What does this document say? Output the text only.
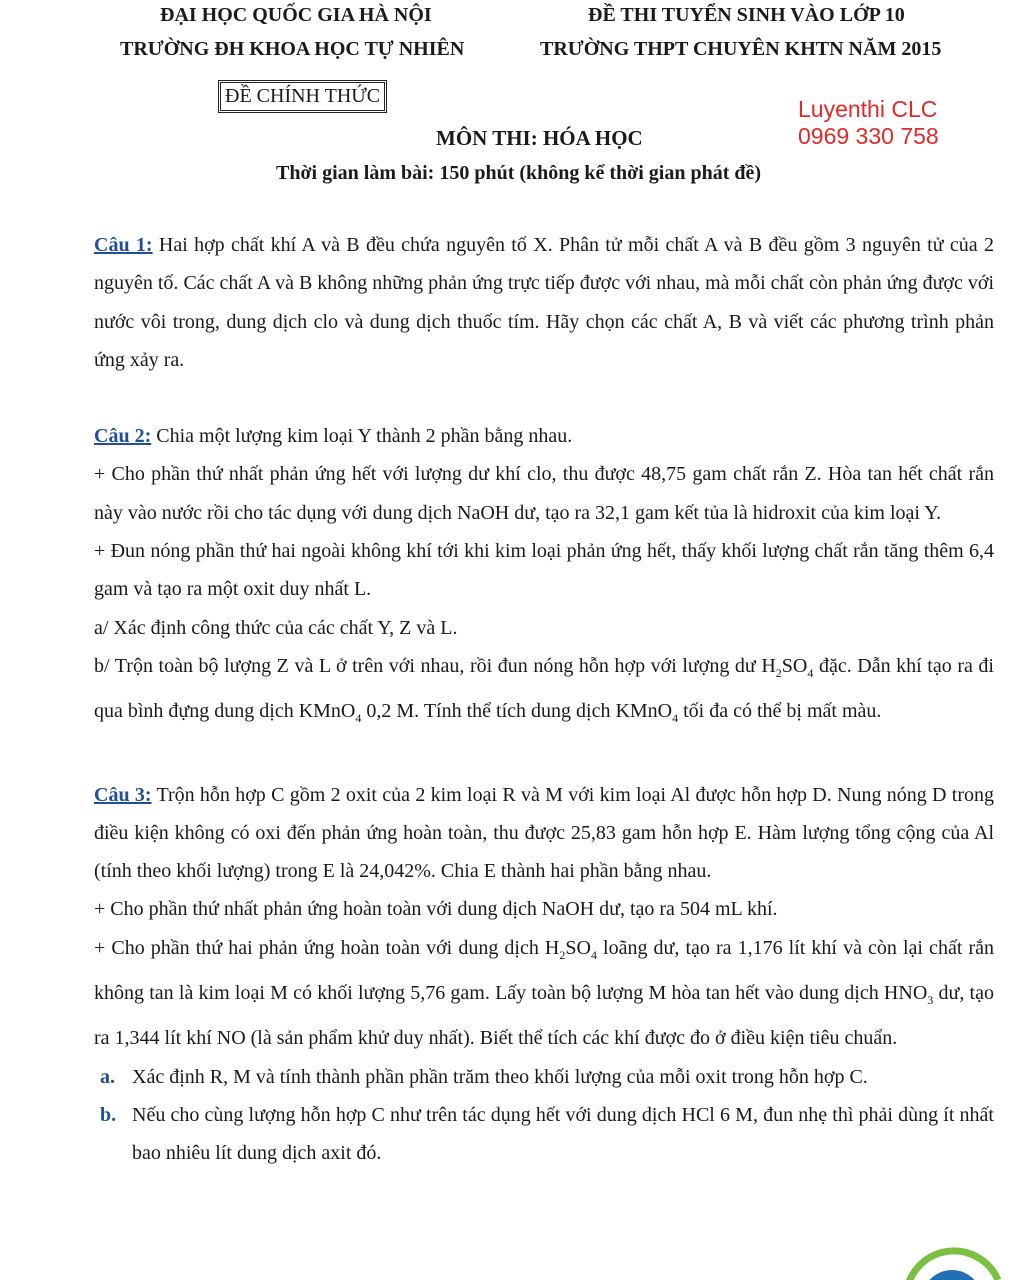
ĐẠI HỌC QUỐC GIA HÀ NỘI
TRƯỜNG ĐH KHOA HỌC TỰ NHIÊN
ĐỀ THI TUYỂN SINH VÀO LỚP 10
TRƯỜNG THPT CHUYÊN KHTN NĂM 2015
ĐỀ CHÍNH THỨC	Luyenthi CLC
0969 330 758
MÔN THI: HÓA HỌC
Thời gian làm bài: 150 phút (không kể thời gian phát đề)

Câu 1: Hai hợp chất khí A và B đều chứa nguyên tố X. Phân tử mỗi chất A và B đều gồm 3 nguyên tử của 2 nguyên tố. Các chất A và B không những phản ứng trực tiếp được với nhau, mà mỗi chất còn phản ứng được với nước vôi trong, dung dịch clo và dung dịch thuốc tím. Hãy chọn các chất A, B và viết các phương trình phản ứng xảy ra.

Câu 2: Chia một lượng kim loại Y thành 2 phần bằng nhau.

+ Cho phần thứ nhất phản ứng hết với lượng dư khí clo, thu được 48,75 gam chất rắn Z. Hòa tan hết chất rắn này vào nước rồi cho tác dụng với dung dịch NaOH dư, tạo ra 32,1 gam kết tủa là hidroxit của kim loại Y.

+ Đun nóng phần thứ hai ngoài không khí tới khi kim loại phản ứng hết, thấy khối lượng chất rắn tăng thêm 6,4 gam và tạo ra một oxit duy nhất L.

a/ Xác định công thức của các chất Y, Z và L.

b/ Trộn toàn bộ lượng Z và L ở trên với nhau, rồi đun nóng hỗn hợp với lượng dư $H_2SO_4$ đặc. Dẫn khí tạo ra đi qua bình đựng dung dịch KMnO$_4$ 0,2 M. Tính thể tích dung dịch KMnO$_4$ tối đa có thể bị mất màu.

Câu 3: Trộn hỗn hợp C gồm 2 oxit của 2 kim loại R và M với kim loại Al được hỗn hợp D. Nung nóng D trong điều kiện không có oxi đến phản ứng hoàn toàn, thu được 25,83 gam hỗn hợp E. Hàm lượng tổng cộng của Al (tính theo khối lượng) trong E là 24,042%. Chia E thành hai phần bằng nhau.

+ Cho phần thứ nhất phản ứng hoàn toàn với dung dịch NaOH dư, tạo ra 504 mL khí.

+ Cho phần thứ hai phản ứng hoàn toàn với dung dịch $H_2SO_4$ loãng dư, tạo ra 1,176 lít khí và còn lại chất rắn không tan là kim loại M có khối lượng 5,76 gam. Lấy toàn bộ lượng M hòa tan hết vào dung dịch $HNO_3$ dư, tạo ra 1,344 lít khí NO (là sản phẩm khử duy nhất). Biết thể tích các khí được đo ở điều kiện tiêu chuẩn.

a. Xác định R, M và tính thành phần phần trăm theo khối lượng của mỗi oxit trong hỗn hợp C.
b. Nếu cho cùng lượng hỗn hợp C như trên tác dụng hết với dung dịch HCl 6 M, đun nhẹ thì phải dùng ít nhất bao nhiêu lít dung dịch axit đó.
